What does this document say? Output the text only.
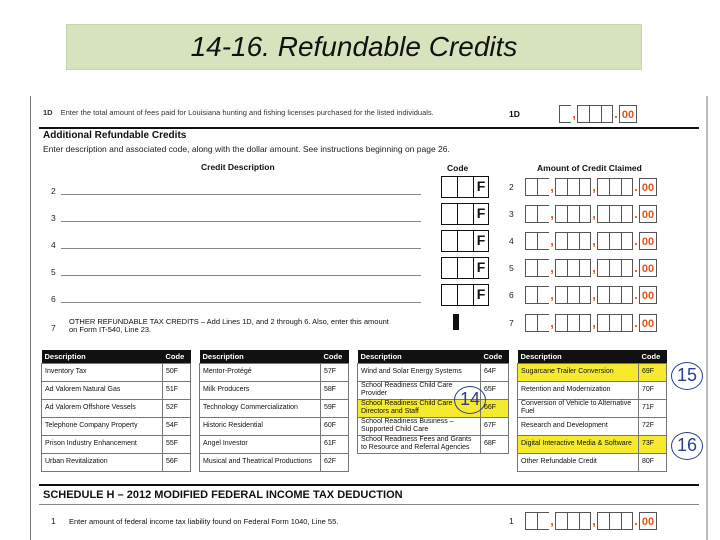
14-16. Refundable Credits
1D Enter the total amount of fees paid for Louisiana hunting and fishing licenses purchased for the listed individuals.	1D	,	. 00
Additional Refundable Credits
Enter description and associated code, along with the dollar amount. See instructions beginning on page 26.
Credit Description	Code	Amount of Credit Claimed
2	F	2	,	,	. 00
3	F	3	,	,	. 00
4	F	4	,	,	. 00
5	F	5	,	,	. 00
6	F	6	,	,	. 00
7
OTHER REFUNDABLE TAX CREDITS – Add Lines 1D, and 2 through 6. Also, enter this amount
on Form IT-540, Line 23.
7	,	,	. 00
Description	Code
Inventory Tax	50F
Ad Valorem Natural Gas	51F
Ad Valorem Offshore Vessels	52F
Telephone Company Property	54F
Prison Industry Enhancement	55F
Urban Revitalization	56F
Description	Code
Mentor-Protégé	57F
Milk Producers	58F
Technology Commercialization	59F
Historic Residential	60F
Angel Investor	61F
Musical and Theatrical Productions	62F
Description	Code
Wind and Solar Energy Systems	64F
School Readiness Child Care Provider	65F
School Readiness Child Care Directors and Staff	66F
School Readiness Business – Supported Child Care	67F
School Readiness Fees and Grants to Resource and Referral Agencies	68F
Description	Code
Sugarcane Trailer Conversion	69F
Retention and Modernization	70F
Conversion of Vehicle to Alternative Fuel	71F
Research and Development	72F
Digital Interactive Media & Software	73F
Other Refundable Credit	80F
14
15
16
SCHEDULE H – 2012 MODIFIED FEDERAL INCOME TAX DEDUCTION
1 Enter amount of federal income tax liability found on Federal Form 1040, Line 55.	1	,	,	. 00
